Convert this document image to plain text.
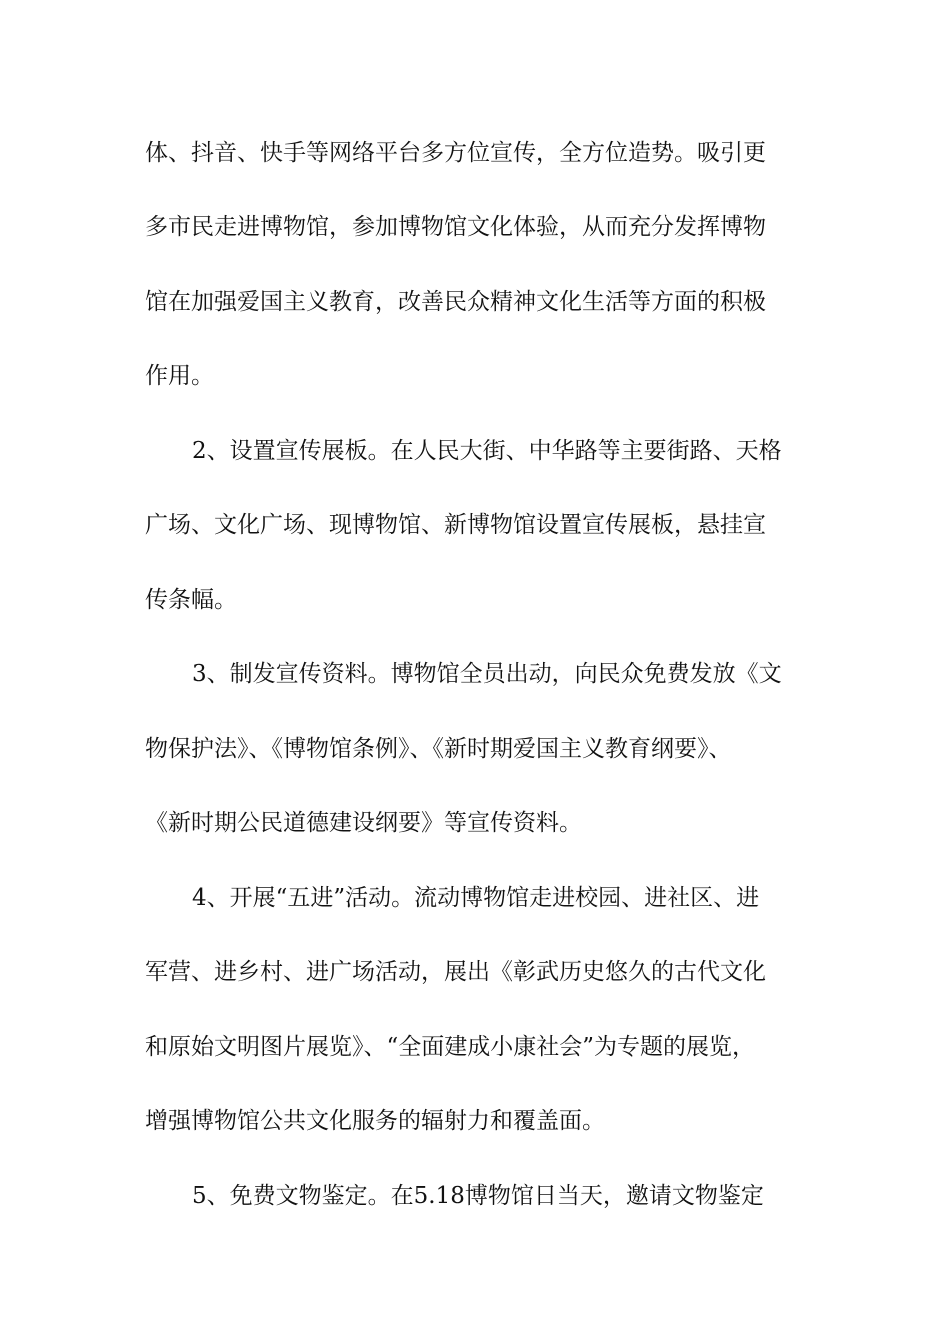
体、抖音、快手等网络平台多方位宣传，全方位造势。吸引更
多市民走进博物馆，参加博物馆文化体验，从而充分发挥博物
馆在加强爱国主义教育，改善民众精神文化生活等方面的积极
作用。
2、设置宣传展板。在人民大街、中华路等主要街路、天格
广场、文化广场、现博物馆、新博物馆设置宣传展板，悬挂宣
传条幅。
3、制发宣传资料。博物馆全员出动，向民众免费发放《文
物保护法》、《博物馆条例》、《新时期爱国主义教育纲要》、
《新时期公民道德建设纲要》等宣传资料。
4、开展“五进”活动。流动博物馆走进校园、进社区、进
军营、进乡村、进广场活动，展出《彰武历史悠久的古代文化
和原始文明图片展览》、“全面建成小康社会”为专题的展览，
增强博物馆公共文化服务的辐射力和覆盖面。
5、免费文物鉴定。在5.18博物馆日当天，邀请文物鉴定
